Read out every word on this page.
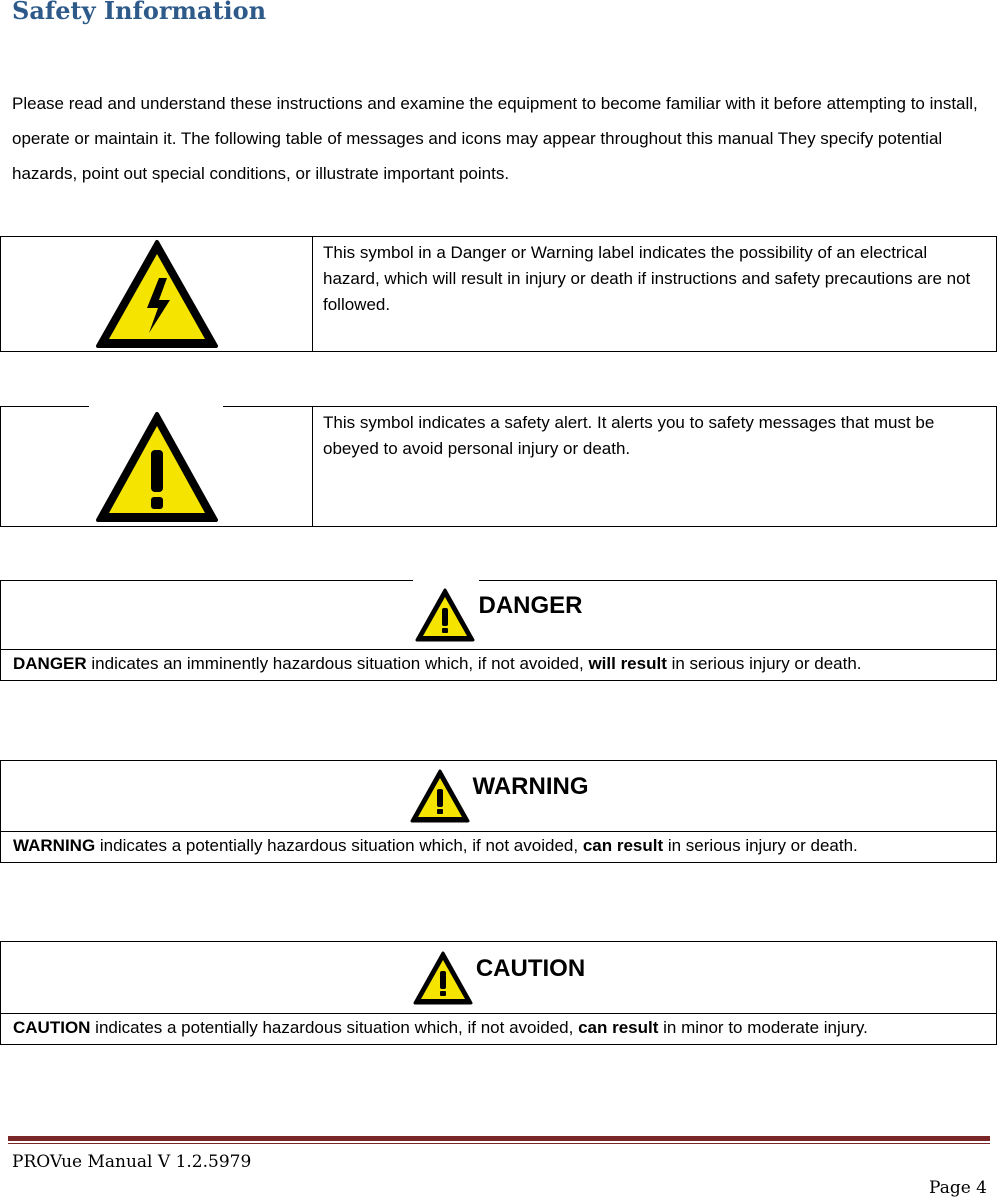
Safety Information

Please read and understand these instructions and examine the equipment to become familiar with it before attempting to install, operate or maintain it. The following table of messages and icons may appear throughout this manual They specify potential hazards, point out special conditions, or illustrate important points.

This symbol in a Danger or Warning label indicates the possibility of an electrical hazard, which will result in injury or death if instructions and safety precautions are not followed.
This symbol indicates a safety alert. It alerts you to safety messages that must be obeyed to avoid personal injury or death.
DANGER
DANGER indicates an imminently hazardous situation which, if not avoided, will result in serious injury or death.
WARNING
WARNING indicates a potentially hazardous situation which, if not avoided, can result in serious injury or death.
CAUTION
CAUTION indicates a potentially hazardous situation which, if not avoided, can result in minor to moderate injury.
PROVue Manual V 1.2.5979
Page 4
